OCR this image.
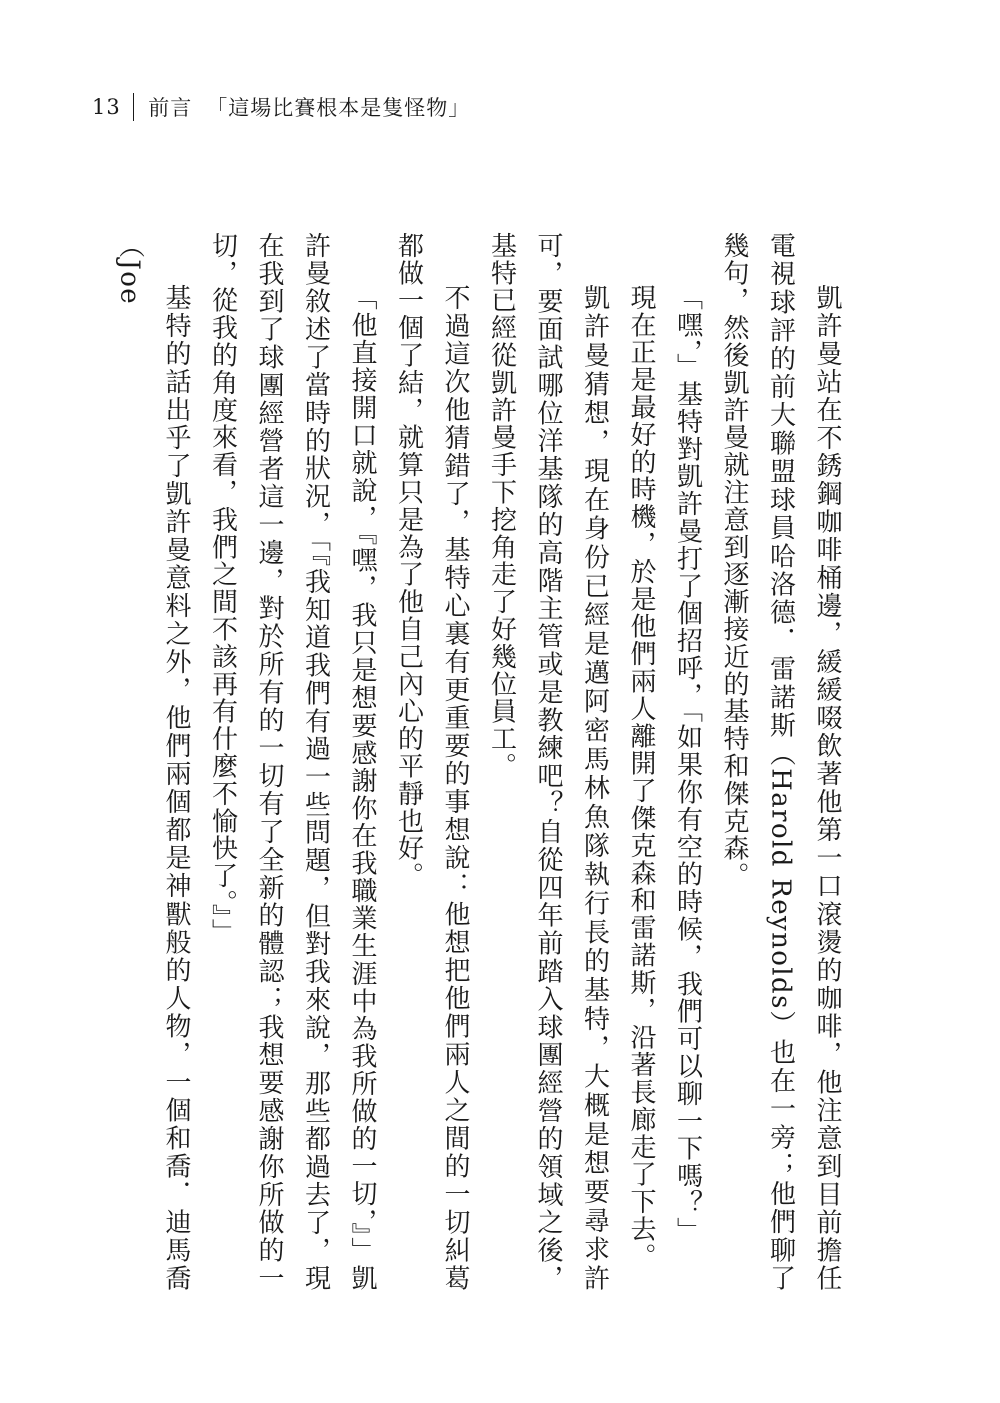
13 前言 「這場比賽根本是隻怪物」

凱許曼站在不銹鋼咖啡桶邊，緩緩啜飲著他第一口滾燙的咖啡，他注意到目前擔任電視球評的前大聯盟球員哈洛德．雷諾斯（Harold Reynolds）也在一旁；他們聊了幾句，然後凱許曼就注意到逐漸接近的基特和傑克森。

「嘿，」基特對凱許曼打了個招呼，「如果你有空的時候，我們可以聊一下嗎？」

現在正是最好的時機，於是他們兩人離開了傑克森和雷諾斯，沿著長廊走了下去。

凱許曼猜想，現在身份已經是邁阿密馬林魚隊執行長的基特，大概是想要尋求許可，要面試哪位洋基隊的高階主管或是教練吧？自從四年前踏入球團經營的領域之後，基特已經從凱許曼手下挖角走了好幾位員工。

不過這次他猜錯了，基特心裏有更重要的事想說：他想把他們兩人之間的一切糾葛都做一個了結，就算只是為了他自己內心的平靜也好。

「他直接開口就說，『嘿，我只是想要感謝你在我職業生涯中為我所做的一切，』」凱許曼敘述了當時的狀況，「『我知道我們有過一些問題，但對我來說，那些都過去了，現在我到了球團經營者這一邊，對於所有的一切有了全新的體認；我想要感謝你所做的一切，從我的角度來看，我們之間不該再有什麼不愉快了。』」

基特的話出乎了凱許曼意料之外，他們兩個都是神獸般的人物，一個和喬．迪馬喬（Joe
